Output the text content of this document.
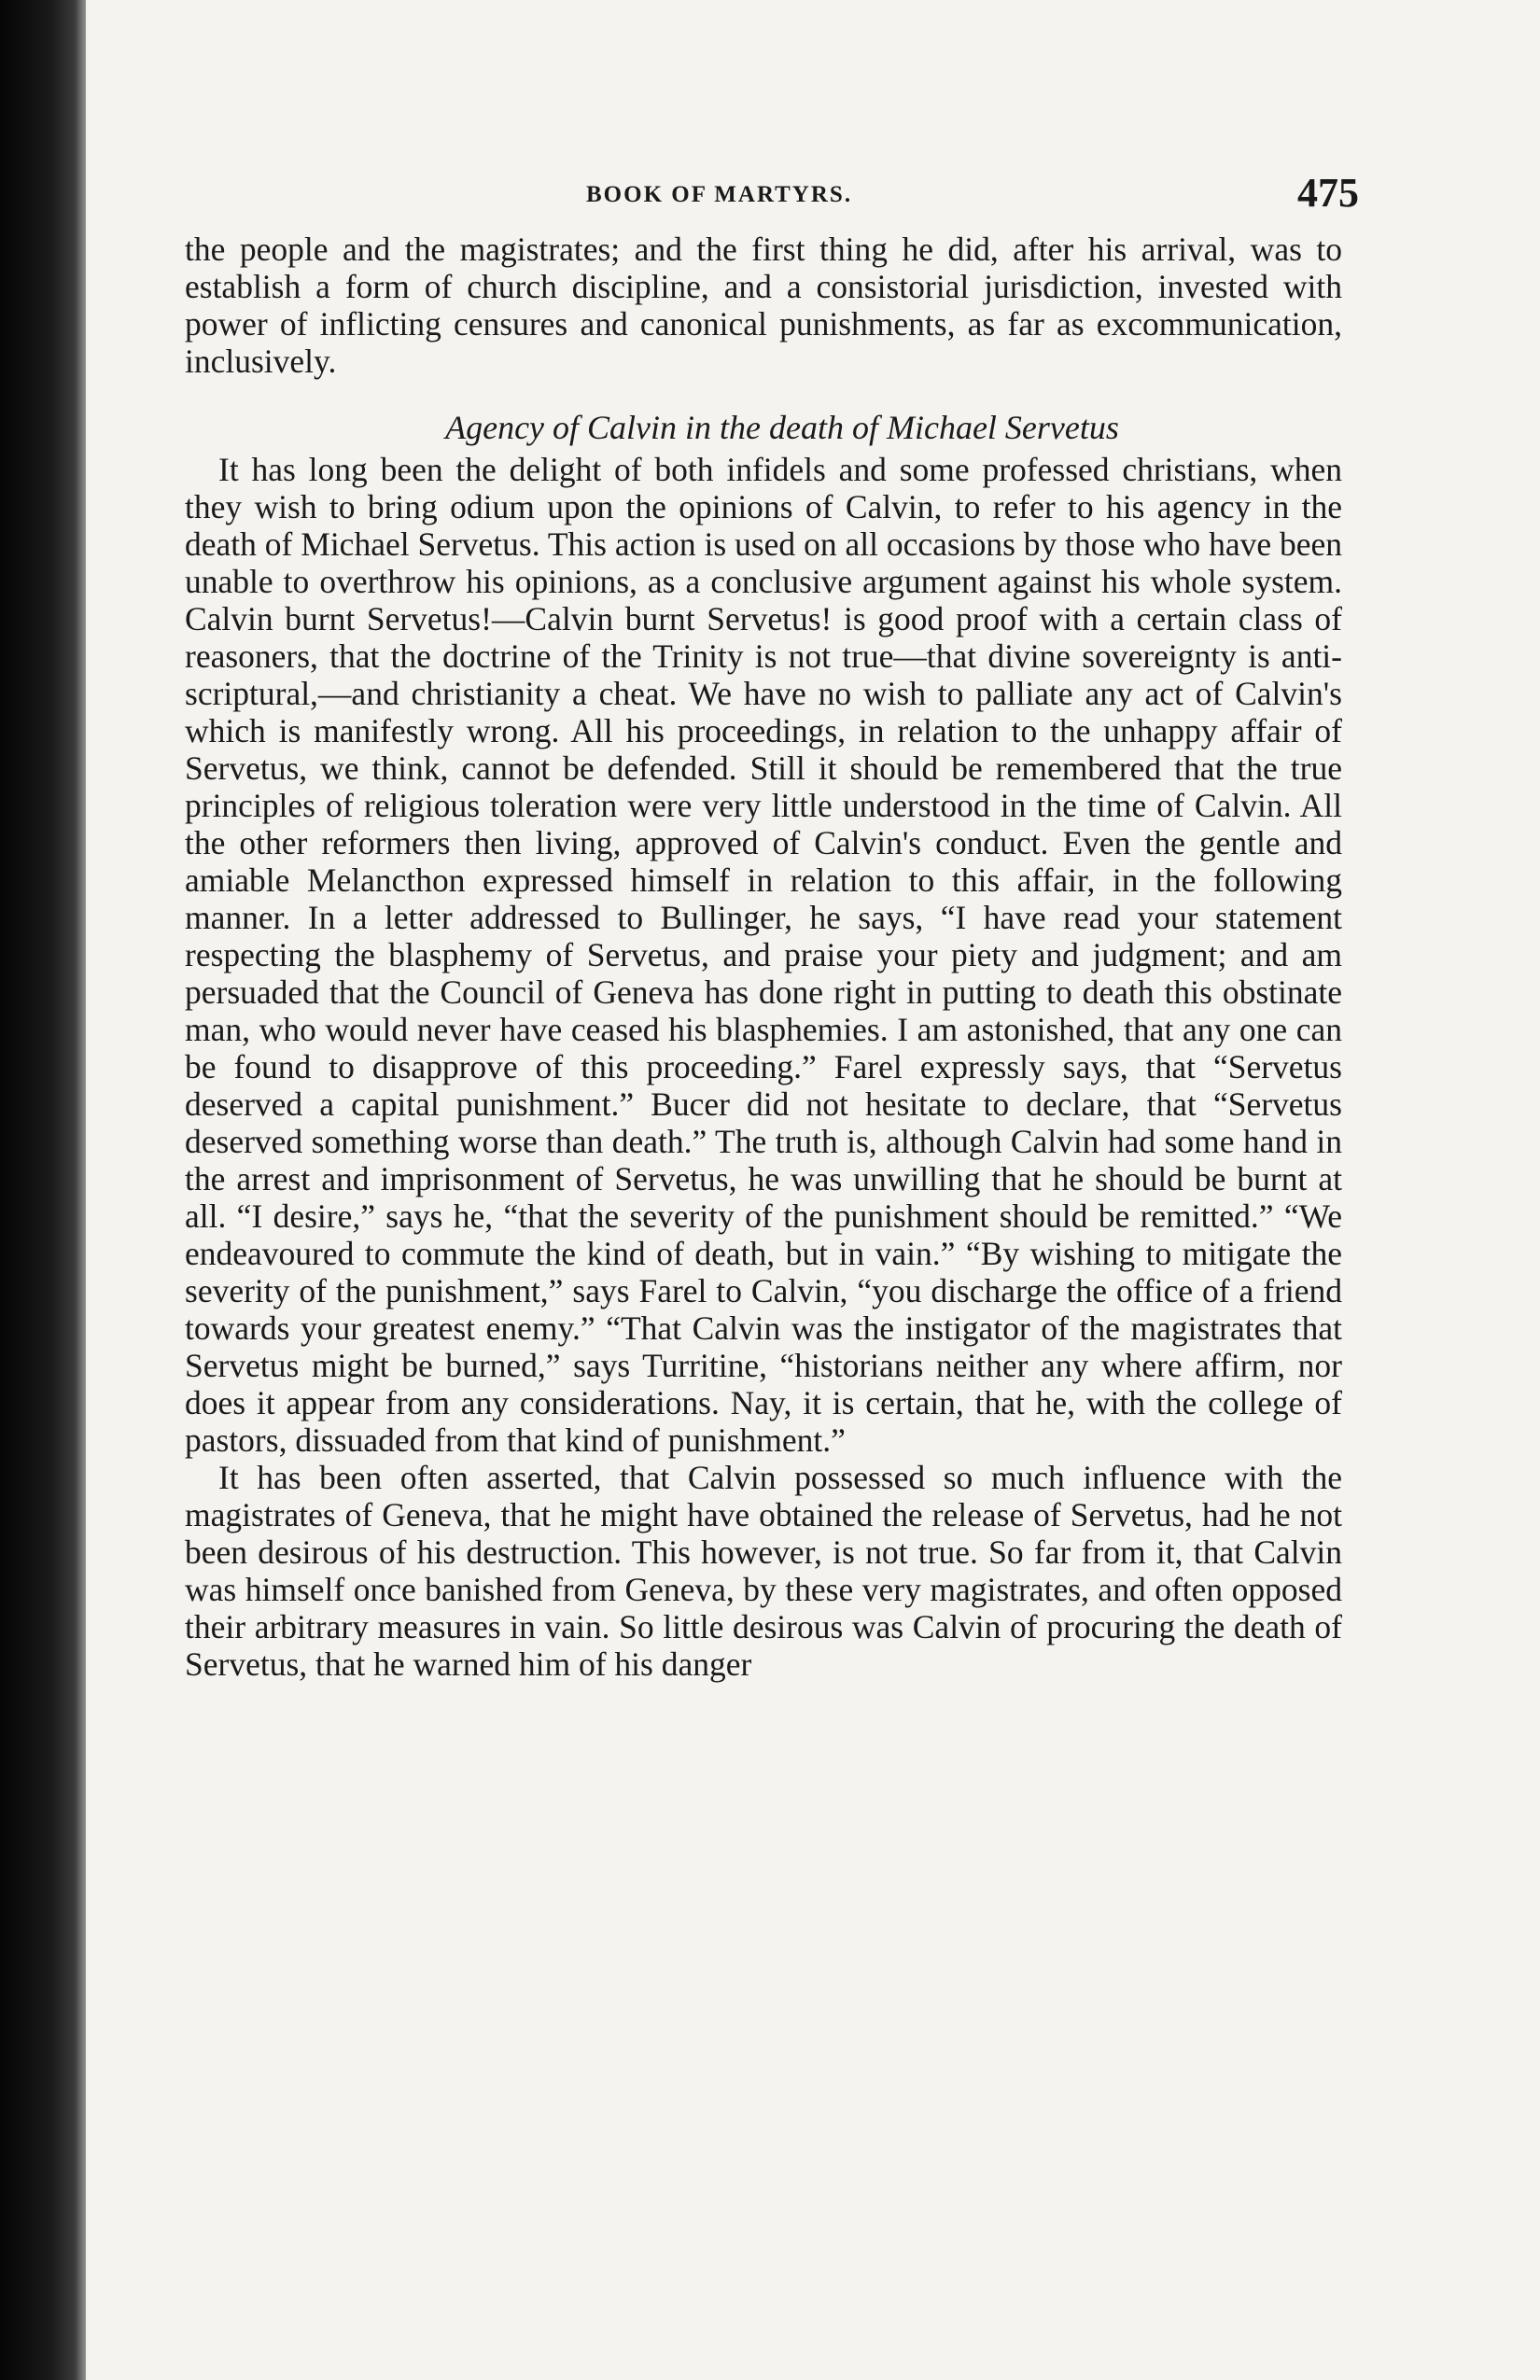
BOOK OF MARTYRS.	475

the people and the magistrates; and the first thing he did, after his arrival, was to establish a form of church discipline, and a consistorial jurisdiction, invested with power of inflicting censures and canonical punishments, as far as excommunication, inclusively.

Agency of Calvin in the death of Michael Servetus

It has long been the delight of both infidels and some professed christians, when they wish to bring odium upon the opinions of Calvin, to refer to his agency in the death of Michael Servetus. This action is used on all occasions by those who have been unable to overthrow his opinions, as a conclusive argument against his whole system. Calvin burnt Servetus!—Calvin burnt Servetus! is good proof with a certain class of reasoners, that the doctrine of the Trinity is not true—that divine sovereignty is anti-scriptural,—and christianity a cheat. We have no wish to palliate any act of Calvin's which is manifestly wrong. All his proceedings, in relation to the unhappy affair of Servetus, we think, cannot be defended. Still it should be remembered that the true principles of religious toleration were very little understood in the time of Calvin. All the other reformers then living, approved of Calvin's conduct. Even the gentle and amiable Melancthon expressed himself in relation to this affair, in the following manner. In a letter addressed to Bullinger, he says, “I have read your statement respecting the blasphemy of Servetus, and praise your piety and judgment; and am persuaded that the Council of Geneva has done right in putting to death this obstinate man, who would never have ceased his blasphemies. I am astonished, that any one can be found to disapprove of this proceeding.” Farel expressly says, that “Servetus deserved a capital punishment.” Bucer did not hesitate to declare, that “Servetus deserved something worse than death.” The truth is, although Calvin had some hand in the arrest and imprisonment of Servetus, he was unwilling that he should be burnt at all. “I desire,” says he, “that the severity of the punishment should be remitted.” “We endeavoured to commute the kind of death, but in vain.” “By wishing to mitigate the severity of the punishment,” says Farel to Calvin, “you discharge the office of a friend towards your greatest enemy.” “That Calvin was the instigator of the magistrates that Servetus might be burned,” says Turritine, “historians neither any where affirm, nor does it appear from any considerations. Nay, it is certain, that he, with the college of pastors, dissuaded from that kind of punishment.”

It has been often asserted, that Calvin possessed so much influence with the magistrates of Geneva, that he might have obtained the release of Servetus, had he not been desirous of his destruction. This however, is not true. So far from it, that Calvin was himself once banished from Geneva, by these very magistrates, and often opposed their arbitrary measures in vain. So little desirous was Calvin of procuring the death of Servetus, that he warned him of his danger
